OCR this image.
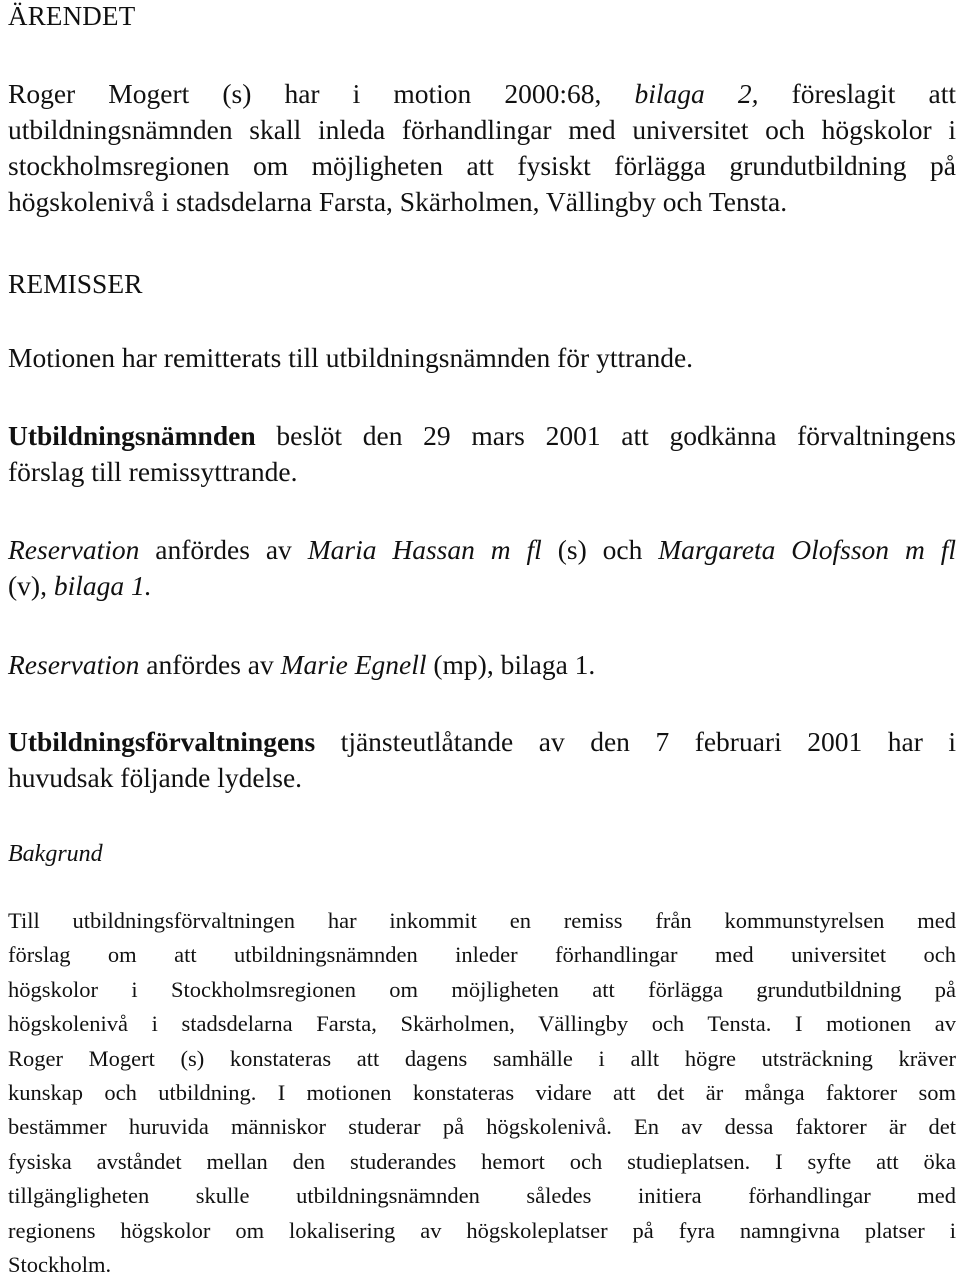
ÄRENDET
Roger Mogert (s) har i motion 2000:68, bilaga 2, föreslagit att
utbildningsnämnden skall inleda förhandlingar med universitet och högskolor i
stockholmsregionen om möjligheten att fysiskt förlägga grundutbildning på
högskolenivå i stadsdelarna Farsta, Skärholmen, Vällingby och Tensta.
REMISSER

Motionen har remitterats till utbildningsnämnden för yttrande.

Utbildningsnämnden beslöt den 29 mars 2001 att godkänna förvaltningens
förslag till remissyttrande.
Reservation anfördes av Maria Hassan m fl (s) och Margareta Olofsson m fl
(v), bilaga 1.
Reservation anfördes av Marie Egnell (mp), bilaga 1.
Utbildningsförvaltningens tjänsteutlåtande av den 7 februari 2001 har i
huvudsak följande lydelse.
Bakgrund
Till utbildningsförvaltningen har inkommit en remiss från kommunstyrelsen med
förslag om att utbildningsnämnden inleder förhandlingar med universitet och
högskolor i Stockholmsregionen om möjligheten att förlägga grundutbildning på
högskolenivå i stadsdelarna Farsta, Skärholmen, Vällingby och Tensta. I motionen av
Roger Mogert (s) konstateras att dagens samhälle i allt högre utsträckning kräver
kunskap och utbildning. I motionen konstateras vidare att det är många faktorer som
bestämmer huruvida människor studerar på högskolenivå. En av dessa faktorer är det
fysiska avståndet mellan den studerandes hemort och studieplatsen. I syfte att öka
tillgängligheten skulle utbildningsnämnden således initiera förhandlingar med
regionens högskolor om lokalisering av högskoleplatser på fyra namngivna platser i
Stockholm.
